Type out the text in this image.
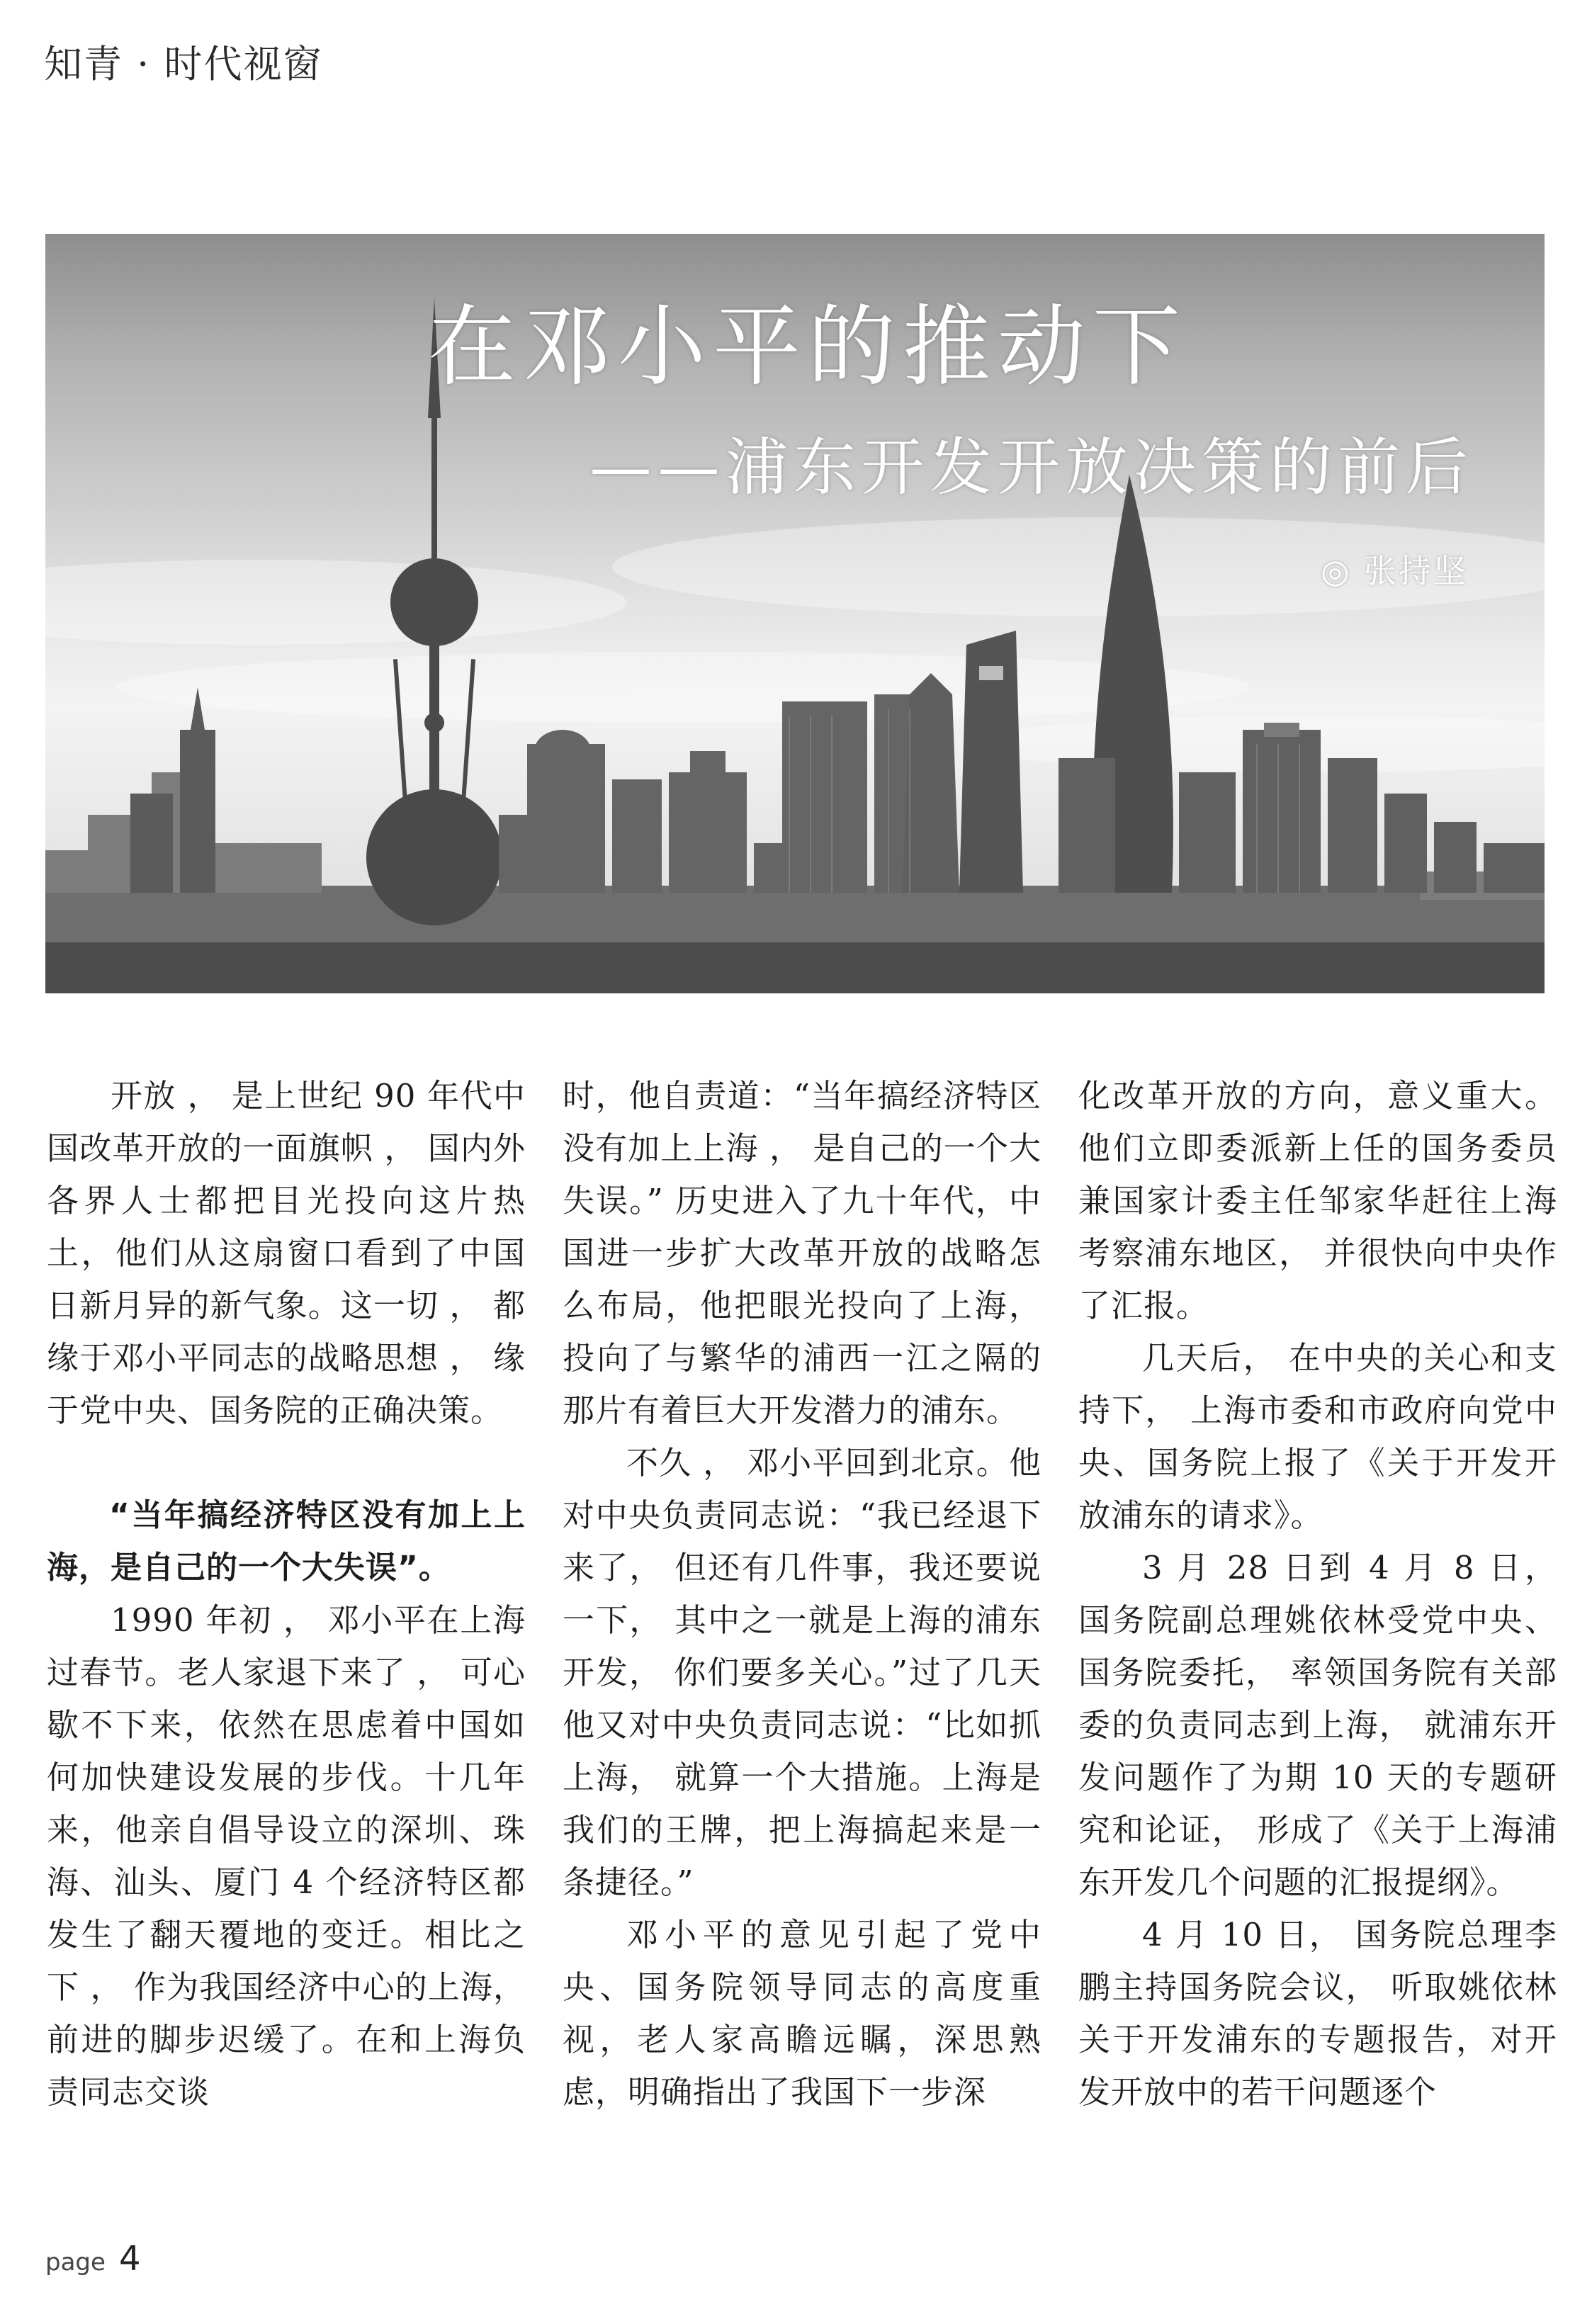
知青 · 时代视窗
在邓小平的推动下
——浦东开发开放决策的前后
◎ 张持坚

开放 ， 是上世纪 90 年代中国改革开放的一面旗帜 ， 国内外各界人士都把目光投向这片热土，他们从这扇窗口看到了中国日新月异的新气象。这一切 ， 都缘于邓小平同志的战略思想 ， 缘于党中央、国务院的正确决策。

“当年搞经济特区没有加上上海，是自己的一个大失误”。

1990 年初 ， 邓小平在上海过春节。老人家退下来了 ， 可心歇不下来，依然在思虑着中国如何加快建设发展的步伐。十几年来，他亲自倡导设立的深圳、珠海、汕头、厦门 4 个经济特区都发生了翻天覆地的变迁。相比之下 ， 作为我国经济中心的上海， 前进的脚步迟缓了。在和上海负责同志交谈

时，他自责道：“当年搞经济特区没有加上上海 ， 是自己的一个大失误。” 历史进入了九十年代，中国进一步扩大改革开放的战略怎么布局，他把眼光投向了上海， 投向了与繁华的浦西一江之隔的那片有着巨大开发潜力的浦东。

不久 ， 邓小平回到北京。他对中央负责同志说：“我已经退下来了， 但还有几件事，我还要说一下， 其中之一就是上海的浦东开发， 你们要多关心。”过了几天他又对中央负责同志说：“比如抓上海， 就算一个大措施。上海是我们的王牌，把上海搞起来是一条捷径。”

邓小平的意见引起了党中央、国务院领导同志的高度重视，老人家高瞻远瞩，深思熟虑，明确指出了我国下一步深

化改革开放的方向，意义重大。他们立即委派新上任的国务委员兼国家计委主任邹家华赶往上海考察浦东地区， 并很快向中央作了汇报。

几天后， 在中央的关心和支持下， 上海市委和市政府向党中央、国务院上报了《关于开发开放浦东的请求》。

3 月 28 日到 4 月 8 日， 国务院副总理姚依林受党中央、国务院委托， 率领国务院有关部委的负责同志到上海， 就浦东开发问题作了为期 10 天的专题研究和论证， 形成了《关于上海浦东开发几个问题的汇报提纲》。

4 月 10 日， 国务院总理李鹏主持国务院会议， 听取姚依林关于开发浦东的专题报告，对开发开放中的若干问题逐个

page 4
